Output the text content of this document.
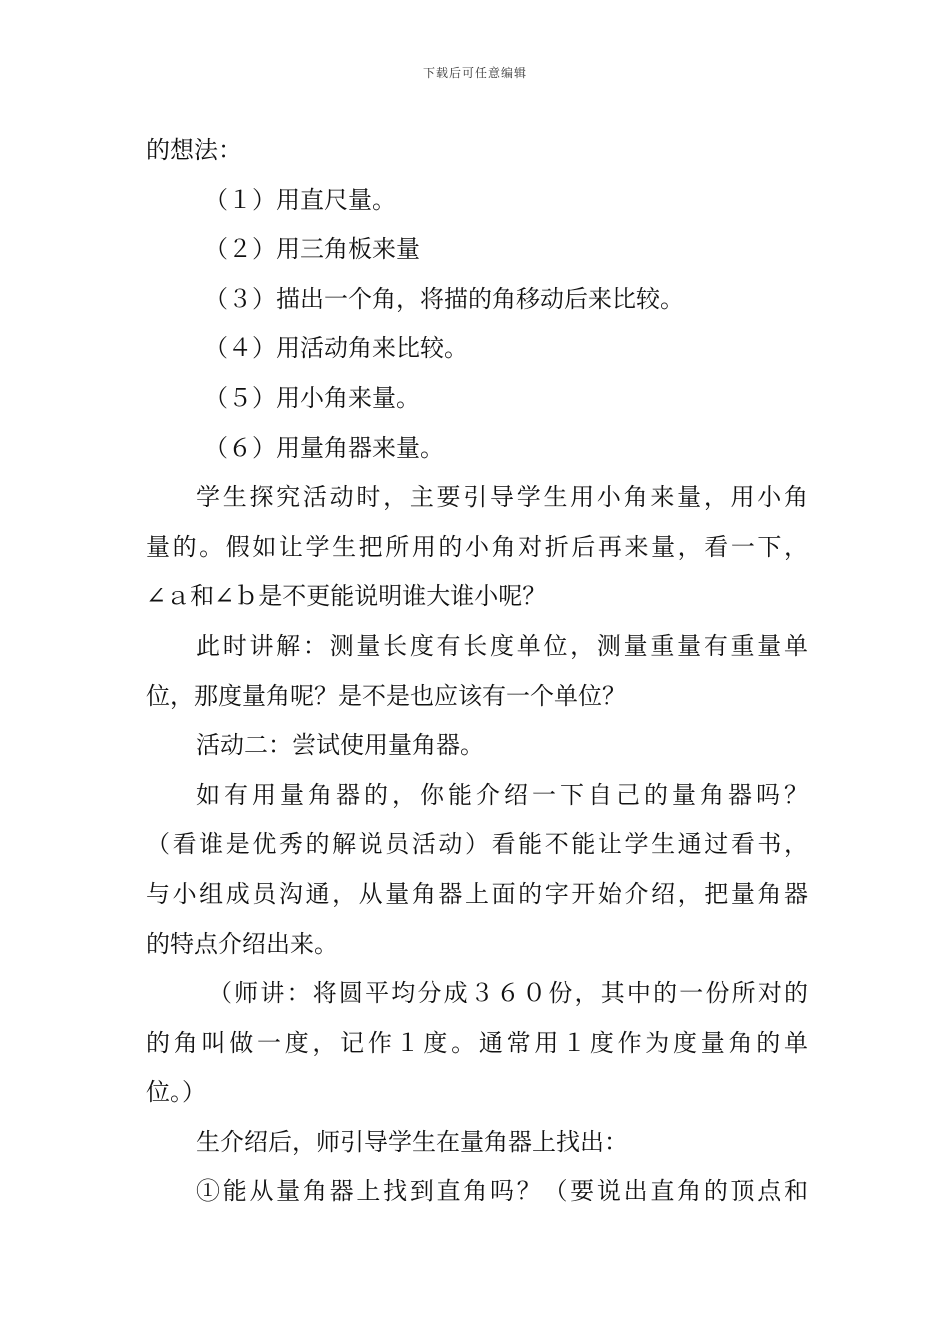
下载后可任意编辑
的想法：
（１）用直尺量。
（２）用三角板来量
（３）描出一个角，将描的角移动后来比较。
（４）用活动角来比较。
（５）用小角来量。
（６）用量角器来量。
学生探究活动时，主要引导学生用小角来量，用小角
量的。假如让学生把所用的小角对折后再来量，看一下，
∠ａ和∠ｂ是不更能说明谁大谁小呢？
此时讲解：测量长度有长度单位，测量重量有重量单
位，那度量角呢？是不是也应该有一个单位？
活动二：尝试使用量角器。
如有用量角器的，你能介绍一下自己的量角器吗？
（看谁是优秀的解说员活动）看能不能让学生通过看书，
与小组成员沟通，从量角器上面的字开始介绍，把量角器
的特点介绍出来。
（师讲：将圆平均分成３６０份，其中的一份所对的
的角叫做一度，记作１度。通常用１度作为度量角的单
位。）
生介绍后，师引导学生在量角器上找出：
①能从量角器上找到直角吗？（要说出直角的顶点和
